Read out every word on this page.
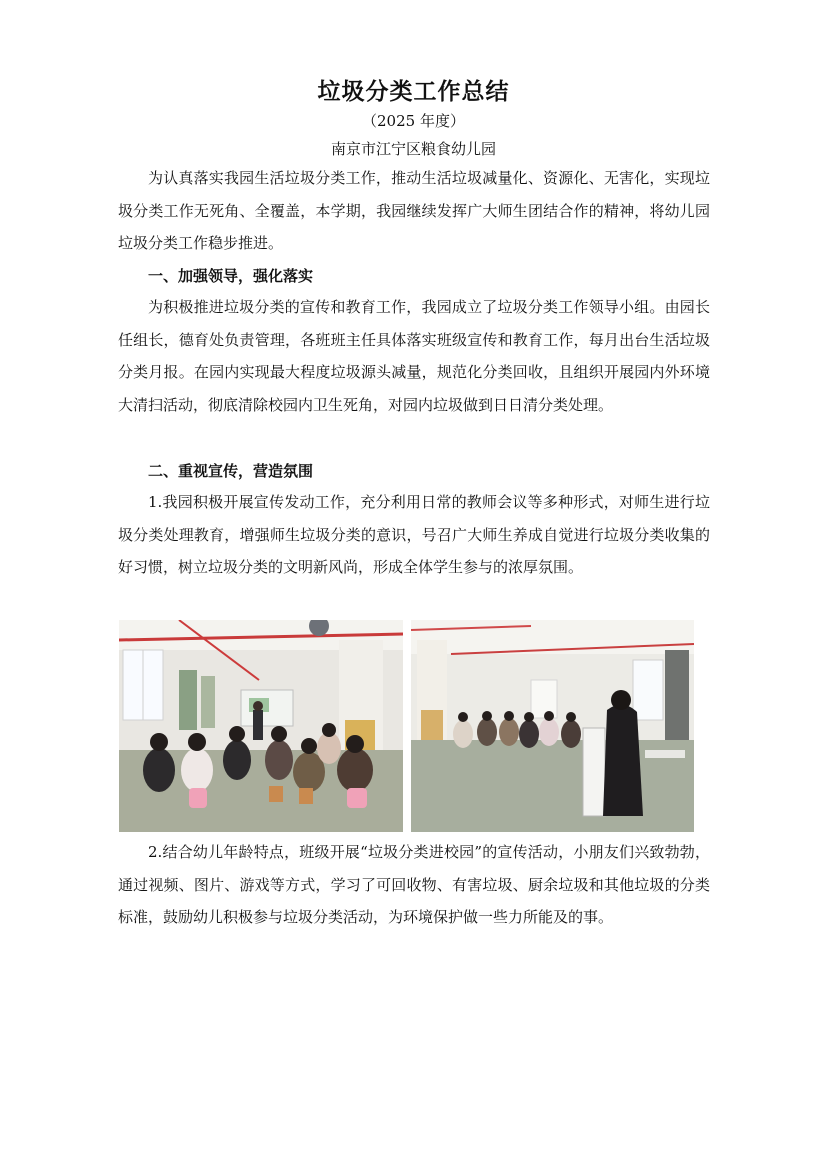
垃圾分类工作总结
（2025 年度）
南京市江宁区粮食幼儿园
为认真落实我园生活垃圾分类工作，推动生活垃圾减量化、资源化、无害化，实现垃圾分类工作无死角、全覆盖，本学期，我园继续发挥广大师生团结合作的精神，将幼儿园垃圾分类工作稳步推进。
一、加强领导，强化落实
为积极推进垃圾分类的宣传和教育工作，我园成立了垃圾分类工作领导小组。由园长任组长，德育处负责管理，各班班主任具体落实班级宣传和教育工作，每月出台生活垃圾分类月报。在园内实现最大程度垃圾源头减量，规范化分类回收，且组织开展园内外环境大清扫活动，彻底清除校园内卫生死角，对园内垃圾做到日日清分类处理。
二、重视宣传，营造氛围
1.我园积极开展宣传发动工作，充分利用日常的教师会议等多种形式，对师生进行垃圾分类处理教育，增强师生垃圾分类的意识，号召广大师生养成自觉进行垃圾分类收集的好习惯，树立垃圾分类的文明新风尚，形成全体学生参与的浓厚氛围。
2.结合幼儿年龄特点，班级开展“垃圾分类进校园”的宣传活动，小朋友们兴致勃勃，通过视频、图片、游戏等方式，学习了可回收物、有害垃圾、厨余垃圾和其他垃圾的分类标准，鼓励幼儿积极参与垃圾分类活动，为环境保护做一些力所能及的事。
